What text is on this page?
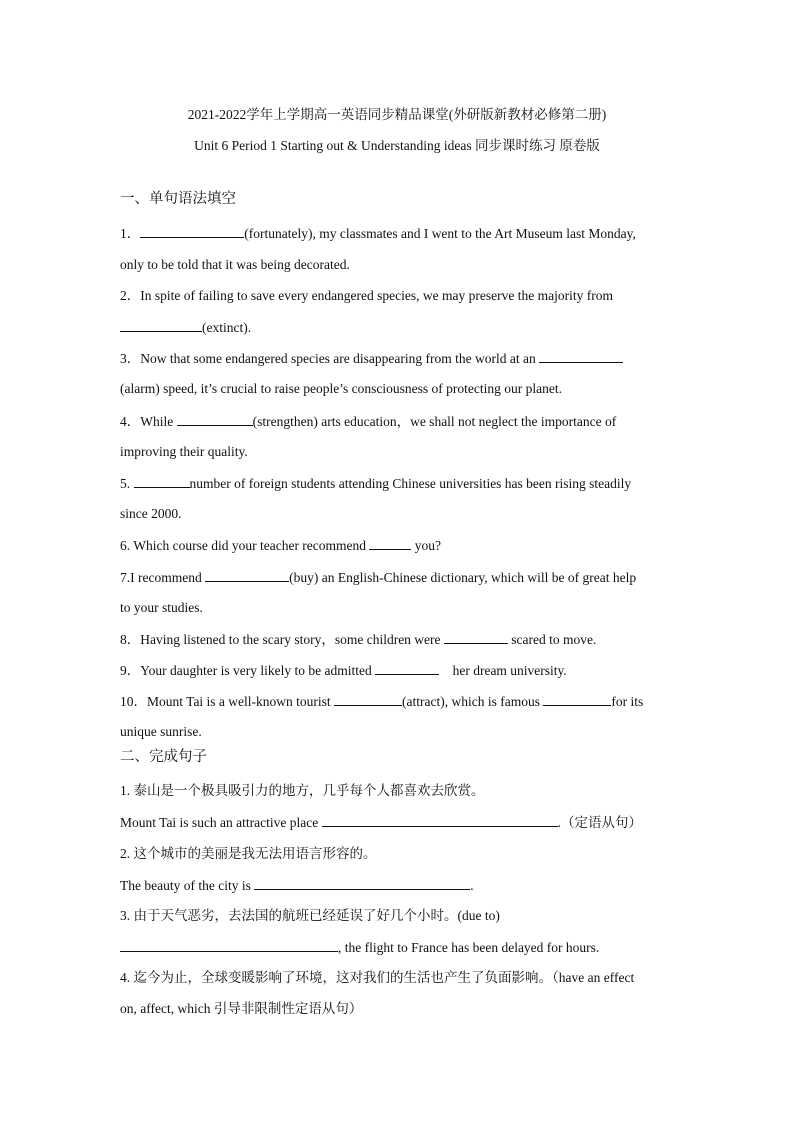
2021-2022学年上学期高一英语同步精品课堂(外研版新教材必修第二册)
Unit 6 Period 1 Starting out & Understanding ideas 同步课时练习 原卷版
一、单句语法填空
1．	(fortunately), my classmates and I went to the Art Museum last Monday,
only to be told that it was being decorated.
2．In spite of failing to save every endangered species, we may preserve the majority from
(extinct).
3．Now that some endangered species are disappearing from the world at an
(alarm) speed, it’s crucial to raise people’s consciousness of protecting our planet.
4．While	(strengthen) arts education，we shall not neglect the importance of
improving their quality.
5.	number of foreign students attending Chinese universities has been rising steadily
since 2000.
6. Which course did your teacher recommend	you?
7.I recommend	(buy) an English-Chinese dictionary, which will be of great help
to your studies.
8．Having listened to the scary story，some children were	scared to move.
9．Your daughter is very likely to be admitted	her dream university.
10．Mount Tai is a well-known tourist	(attract), which is famous	for its
unique sunrise.
二、完成句子
1. 泰山是一个极具吸引力的地方，几乎每个人都喜欢去欣赏。
Mount Tai is such an attractive place	.（定语从句）
2. 这个城市的美丽是我无法用语言形容的。
The beauty of the city is	.
3. 由于天气恶劣，去法国的航班已经延误了好几个小时。(due to)
, the flight to France has been delayed for hours.
4. 迄今为止，全球变暖影响了环境，这对我们的生活也产生了负面影响。（have an effect
on, affect, which 引导非限制性定语从句）
